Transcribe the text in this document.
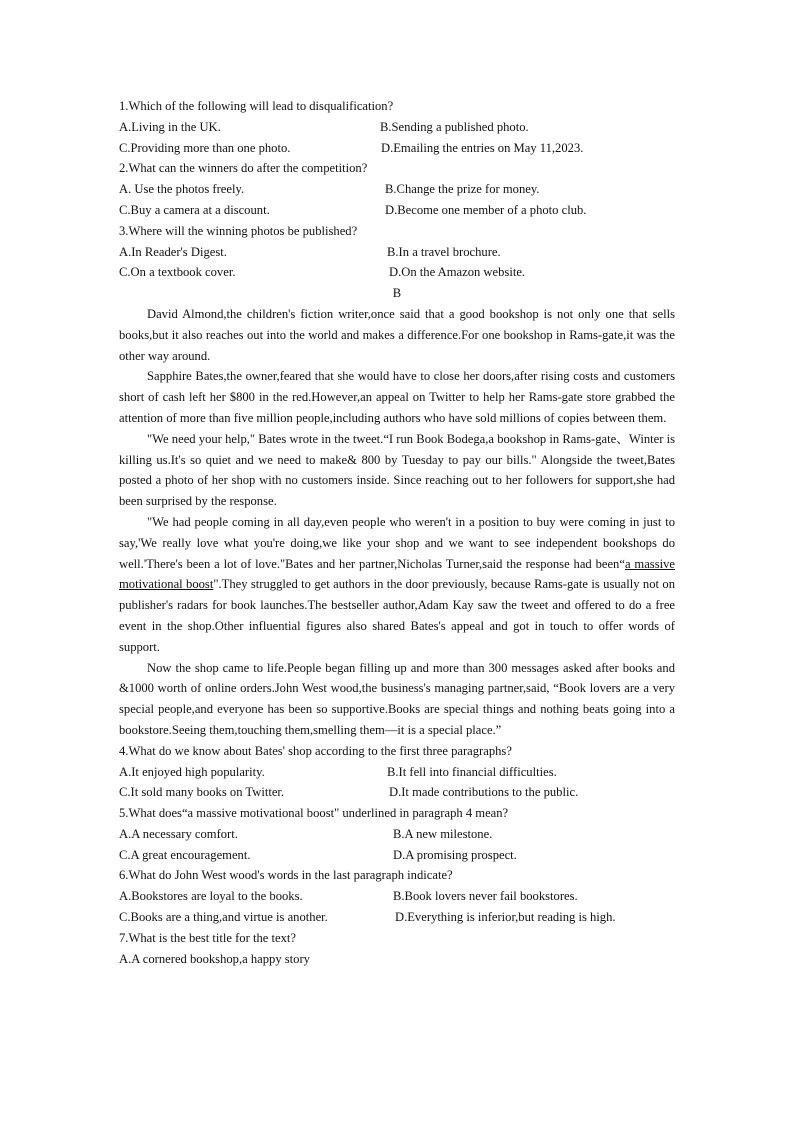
1.Which of the following will lead to disqualification?
A.Living in the UK.	B.Sending a published photo.
C.Providing more than one photo.	D.Emailing the entries on May 11,2023.
2.What can the winners do after the competition?
A. Use the photos freely.	B.Change the prize for money.
C.Buy a camera at a discount.	D.Become one member of a photo club.
3.Where will the winning photos be published?
A.In Reader's Digest.	B.In a travel brochure.
C.On a textbook cover.	D.On the Amazon website.
B

David Almond,the children's fiction writer,once said that a good bookshop is not only one that sells books,but it also reaches out into the world and makes a difference.For one bookshop in Rams-gate,it was the other way around.

Sapphire Bates,the owner,feared that she would have to close her doors,after rising costs and customers short of cash left her $800 in the red.However,an appeal on Twitter to help her Rams-gate store grabbed the attention of more than five million people,including authors who have sold millions of copies between them.

"We need your help," Bates wrote in the tweet.“I run Book Bodega,a bookshop in Rams-gate、Winter is killing us.It's so quiet and we need to make& 800 by Tuesday to pay our bills." Alongside the tweet,Bates posted a photo of her shop with no customers inside. Since reaching out to her followers for support,she had been surprised by the response.

"We had people coming in all day,even people who weren't in a position to buy were coming in just to say,'We really love what you're doing,we like your shop and we want to see independent bookshops do well.'There's been a lot of love."Bates and her partner,Nicholas Turner,said the response had been“a massive motivational boost".They struggled to get authors in the door previously, because Rams-gate is usually not on publisher's radars for book launches.The bestseller author,Adam Kay saw the tweet and offered to do a free event in the shop.Other influential figures also shared Bates's appeal and got in touch to offer words of support.

Now the shop came to life.People began filling up and more than 300 messages asked after books and &1000 worth of online orders.John West wood,the business's managing partner,said, “Book lovers are a very special people,and everyone has been so supportive.Books are special things and nothing beats going into a bookstore.Seeing them,touching them,smelling them—it is a special place.”

4.What do we know about Bates' shop according to the first three paragraphs?
A.It enjoyed high popularity.	B.It fell into financial difficulties.
C.It sold many books on Twitter.	D.It made contributions to the public.
5.What does“a massive motivational boost" underlined in paragraph 4 mean?
A.A necessary comfort.	B.A new milestone.
C.A great encouragement.	D.A promising prospect.
6.What do John West wood's words in the last paragraph indicate?
A.Bookstores are loyal to the books.	B.Book lovers never fail bookstores.
C.Books are a thing,and virtue is another.	D.Everything is inferior,but reading is high.
7.What is the best title for the text?
A.A cornered bookshop,a happy story
